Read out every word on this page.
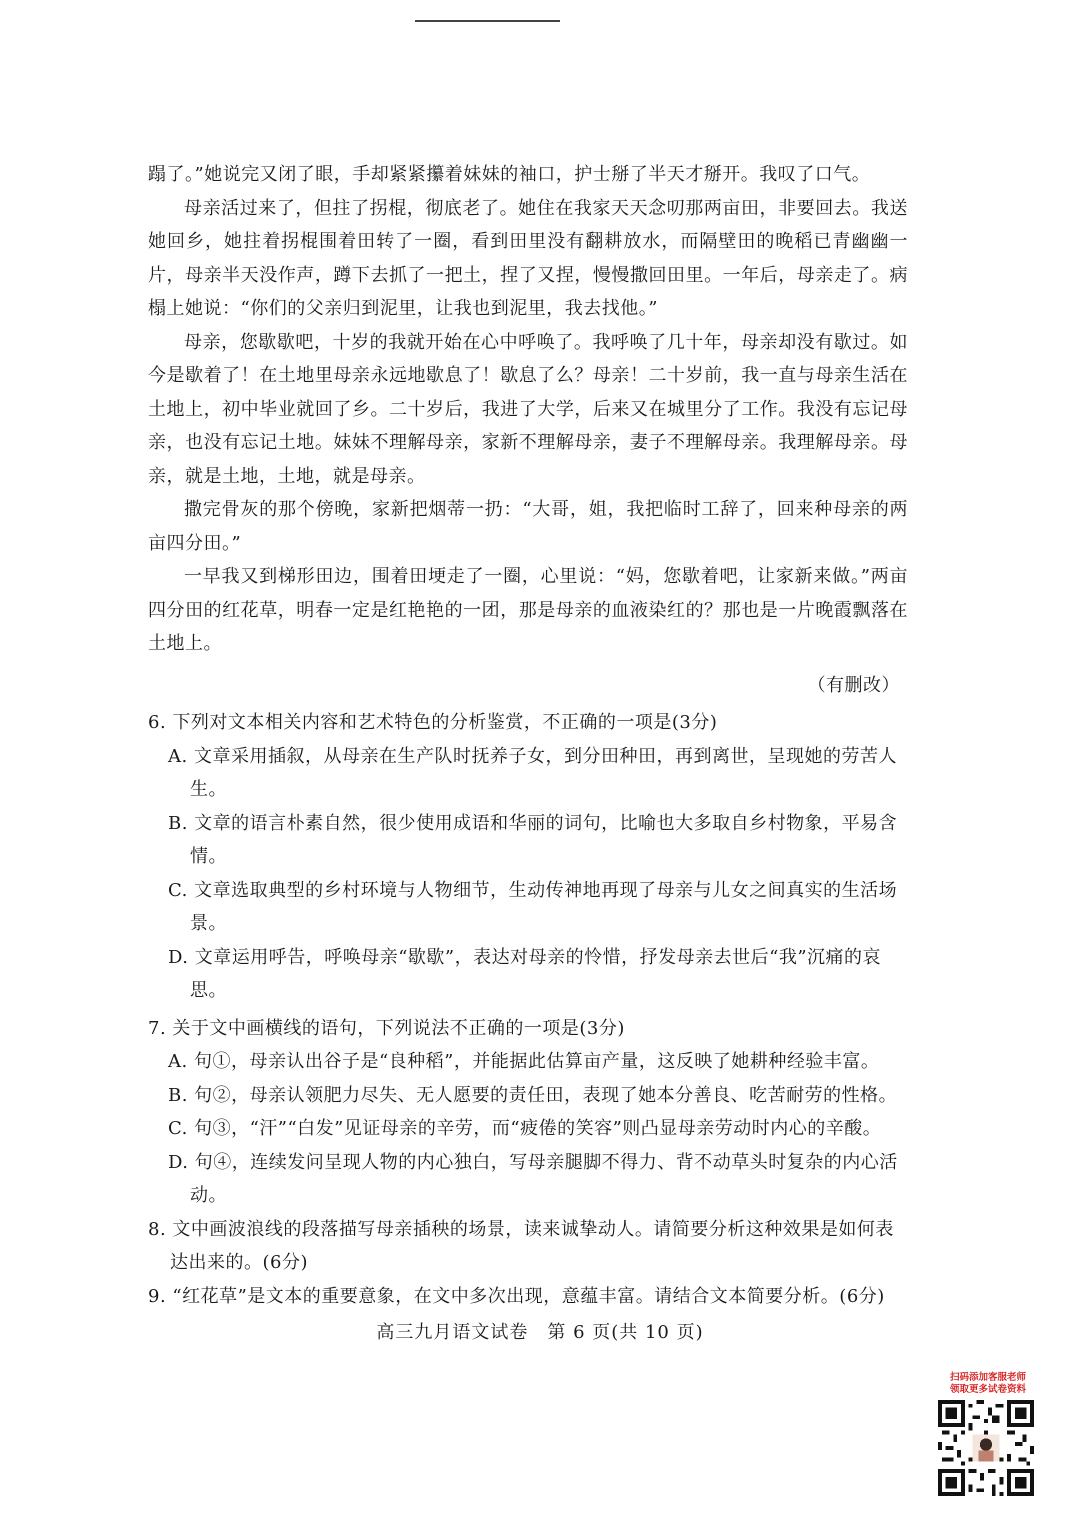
蹋了。”她说完又闭了眼，手却紧紧攥着妹妹的袖口，护士掰了半天才掰开。我叹了口气。

母亲活过来了，但拄了拐棍，彻底老了。她住在我家天天念叨那两亩田，非要回去。我送她回乡，她拄着拐棍围着田转了一圈，看到田里没有翻耕放水，而隔壁田的晚稻已青幽幽一片，母亲半天没作声，蹲下去抓了一把土，捏了又捏，慢慢撒回田里。一年后，母亲走了。病榻上她说：“你们的父亲归到泥里，让我也到泥里，我去找他。”

母亲，您歇歇吧，十岁的我就开始在心中呼唤了。我呼唤了几十年，母亲却没有歇过。如今是歇着了！在土地里母亲永远地歇息了！歇息了么？母亲！二十岁前，我一直与母亲生活在土地上，初中毕业就回了乡。二十岁后，我进了大学，后来又在城里分了工作。我没有忘记母亲，也没有忘记土地。妹妹不理解母亲，家新不理解母亲，妻子不理解母亲。我理解母亲。母亲，就是土地，土地，就是母亲。

撒完骨灰的那个傍晚，家新把烟蒂一扔：“大哥，姐，我把临时工辞了，回来种母亲的两亩四分田。”

一早我又到梯形田边，围着田埂走了一圈，心里说：“妈，您歇着吧，让家新来做。”两亩四分田的红花草，明春一定是红艳艳的一团，那是母亲的血液染红的？那也是一片晚霞飘落在土地上。

（有删改）

6. 下列对文本相关内容和艺术特色的分析鉴赏，不正确的一项是(3分)

A. 文章采用插叙，从母亲在生产队时抚养子女，到分田种田，再到离世，呈现她的劳苦人生。

B. 文章的语言朴素自然，很少使用成语和华丽的词句，比喻也大多取自乡村物象，平易含情。

C. 文章选取典型的乡村环境与人物细节，生动传神地再现了母亲与儿女之间真实的生活场景。

D. 文章运用呼告，呼唤母亲“歇歇”，表达对母亲的怜惜，抒发母亲去世后“我”沉痛的哀思。

7. 关于文中画横线的语句，下列说法不正确的一项是(3分)

A. 句①，母亲认出谷子是“良种稻”，并能据此估算亩产量，这反映了她耕种经验丰富。

B. 句②，母亲认领肥力尽失、无人愿要的责任田，表现了她本分善良、吃苦耐劳的性格。

C. 句③，“汗”“白发”见证母亲的辛劳，而“疲倦的笑容”则凸显母亲劳动时内心的辛酸。

D. 句④，连续发问呈现人物的内心独白，写母亲腿脚不得力、背不动草头时复杂的内心活动。

8. 文中画波浪线的段落描写母亲插秧的场景，读来诚挚动人。请简要分析这种效果是如何表达出来的。(6分)

9. “红花草”是文本的重要意象，在文中多次出现，意蕴丰富。请结合文本简要分析。(6分)

高三九月语文试卷　第 6 页(共 10 页)
扫码添加客服老师
领取更多试卷资料
